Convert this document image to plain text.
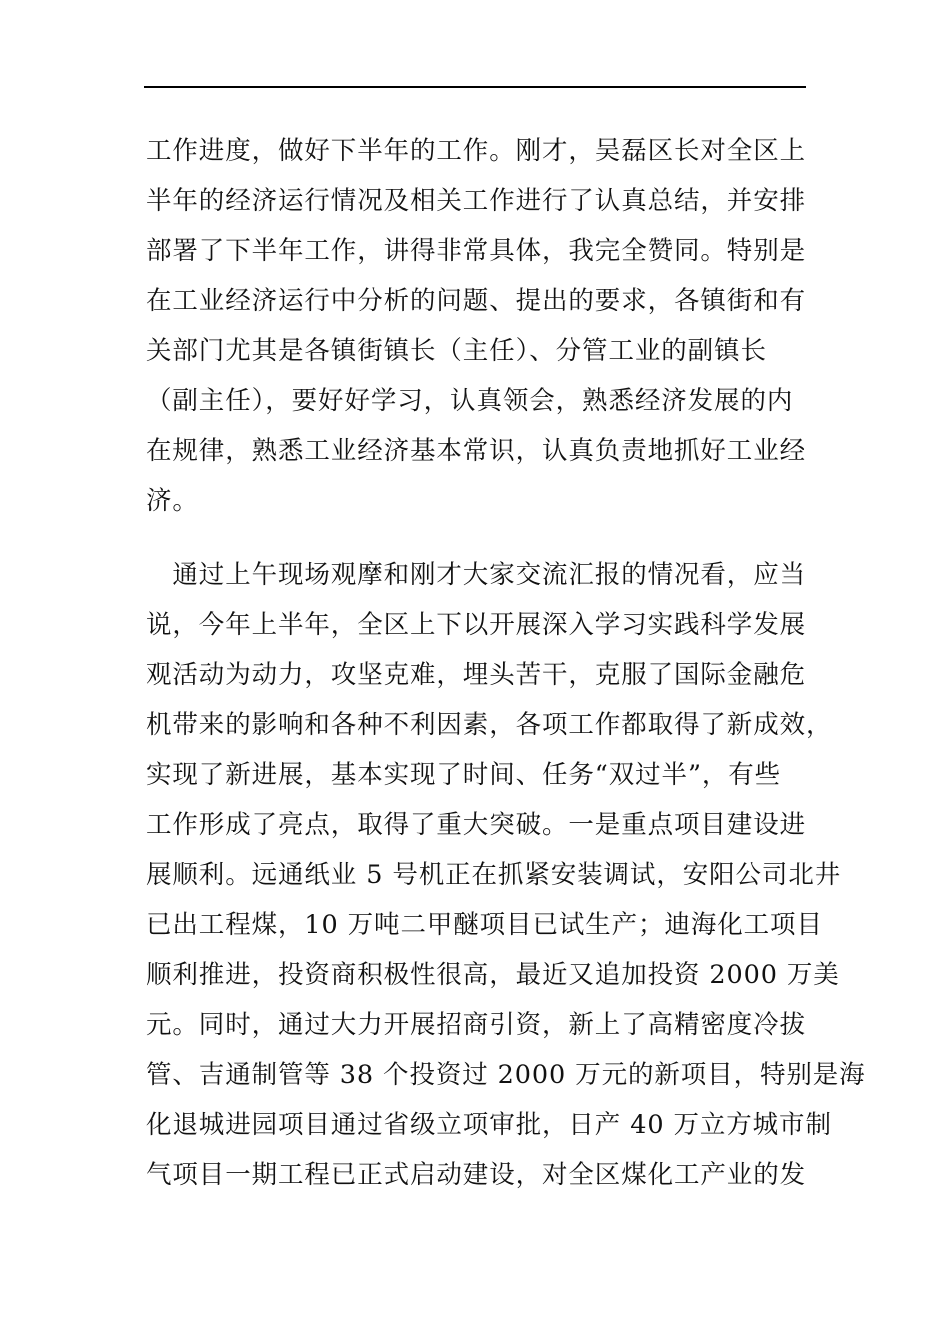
工作进度，做好下半年的工作。刚才，吴磊区长对全区上
半年的经济运行情况及相关工作进行了认真总结，并安排
部署了下半年工作，讲得非常具体，我完全赞同。特别是
在工业经济运行中分析的问题、提出的要求，各镇街和有
关部门尤其是各镇街镇长（主任）、分管工业的副镇长
（副主任），要好好学习，认真领会，熟悉经济发展的内
在规律，熟悉工业经济基本常识，认真负责地抓好工业经
济。
　通过上午现场观摩和刚才大家交流汇报的情况看，应当
说，今年上半年，全区上下以开展深入学习实践科学发展
观活动为动力，攻坚克难，埋头苦干，克服了国际金融危
机带来的影响和各种不利因素，各项工作都取得了新成效，
实现了新进展，基本实现了时间、任务“双过半”，有些
工作形成了亮点，取得了重大突破。一是重点项目建设进
展顺利。远通纸业 5 号机正在抓紧安装调试，安阳公司北井
已出工程煤，10 万吨二甲醚项目已试生产；迪海化工项目
顺利推进，投资商积极性很高，最近又追加投资 2000 万美
元。同时，通过大力开展招商引资，新上了高精密度冷拔
管、吉通制管等 38 个投资过 2000 万元的新项目，特别是海
化退城进园项目通过省级立项审批，日产 40 万立方城市制
气项目一期工程已正式启动建设，对全区煤化工产业的发
